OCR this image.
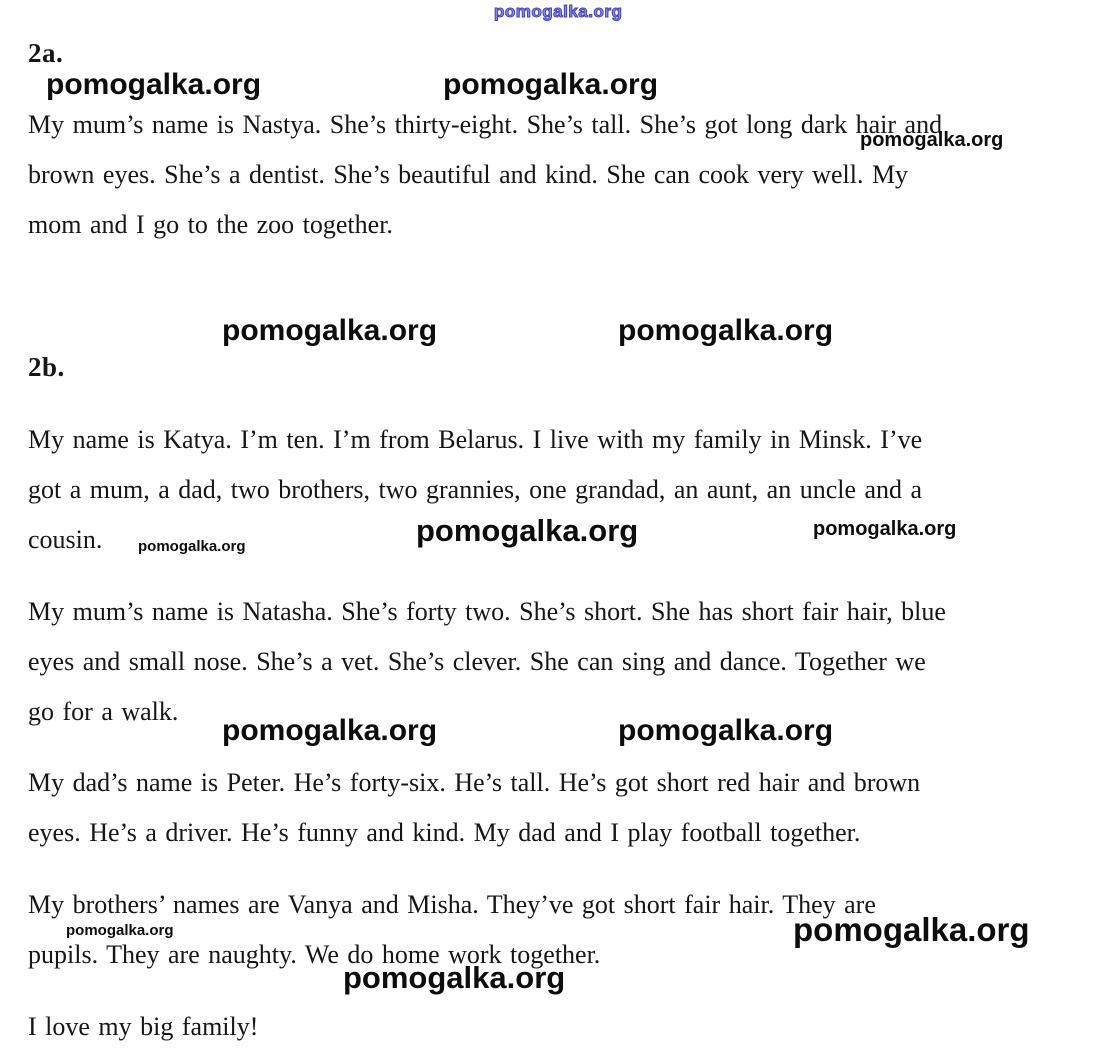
pomogalka.org
2a.
pomogalka.org	pomogalka.org
My mum’s name is Nastya. She’s thirty-eight. She’s tall. She’s got long dark hair and
brown eyes. She’s a dentist. She’s beautiful and kind. She can cook very well. My
mom and I go to the zoo together.
pomogalka.org
pomogalka.org	pomogalka.org
2b.
My name is Katya. I’m ten. I’m from Belarus. I live with my family in Minsk. I’ve
got a mum, a dad, two brothers, two grannies, one grandad, an aunt, an uncle and a
cousin.	pomogalka.org	pomogalka.org	pomogalka.org
My mum’s name is Natasha. She’s forty two. She’s short. She has short fair hair, blue
eyes and small nose. She’s a vet. She’s clever. She can sing and dance. Together we
go for a walk.
pomogalka.org	pomogalka.org
My dad’s name is Peter. He’s forty-six. He’s tall. He’s got short red hair and brown
eyes. He’s a driver. He’s funny and kind. My dad and I play football together.
My brothers’ names are Vanya and Misha. They’ve got short fair hair. They are
pupils. They are naughty. We do home work together.
pomogalka.org	pomogalka.org
pomogalka.org
I love my big family!
